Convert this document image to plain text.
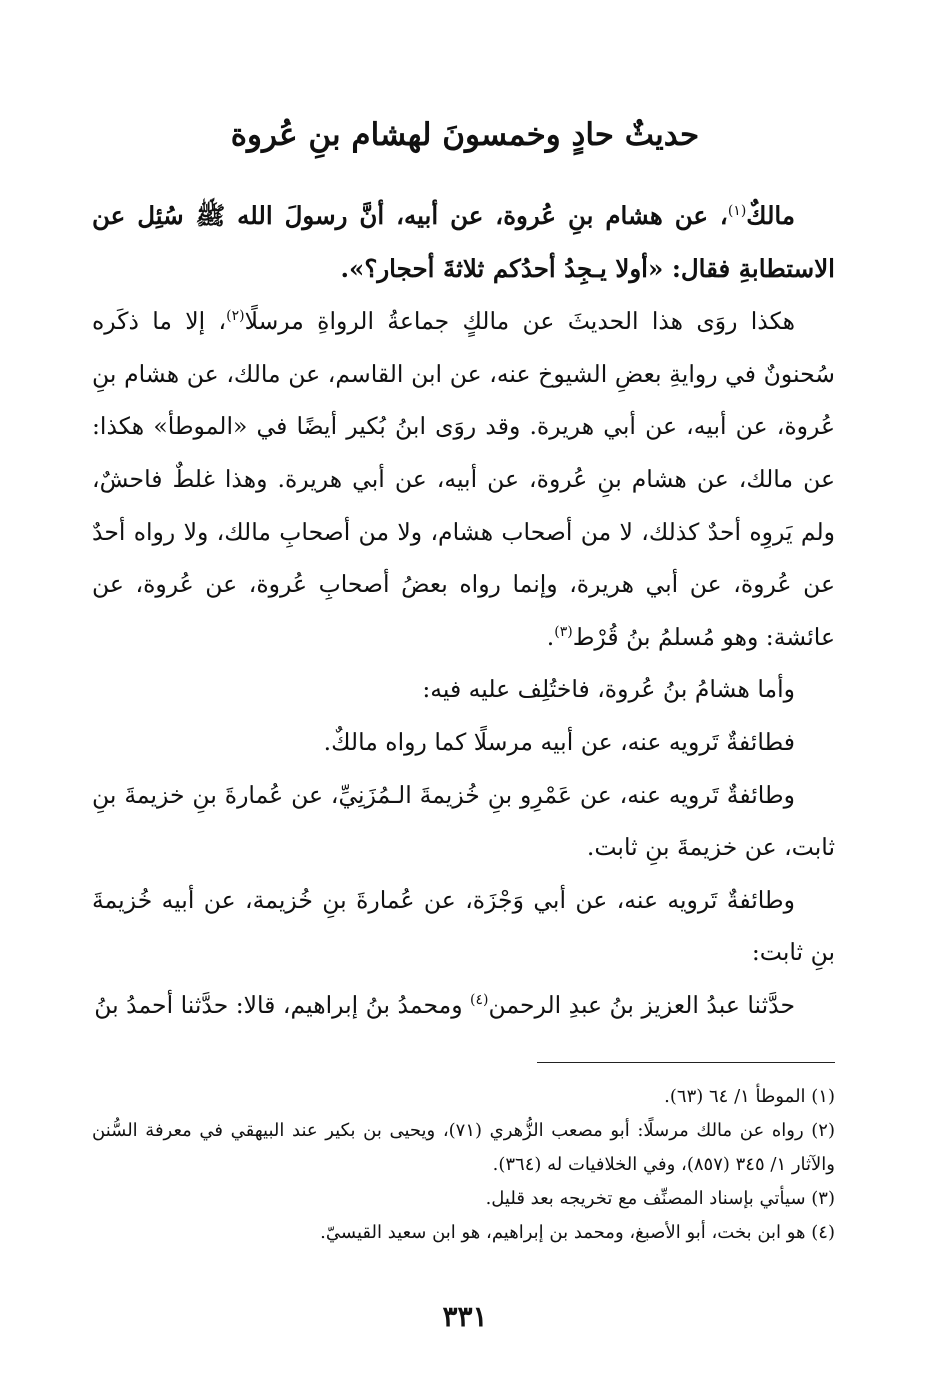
حديثٌ حادٍ وخمسونَ لهشام بنِ عُروة

مالكٌ$^{(١)}$، عن هشام بنِ عُروة، عن أبيه، أنَّ رسولَ الله ﷺ سُئِل عن الاستطابةِ فقال: «أولا يـجِدُ أحدُكم ثلاثةَ أحجار؟».

هكذا روَى هذا الحديثَ عن مالكٍ جماعةُ الرواةِ مرسلًا$^{(٢)}$، إلا ما ذكَره سُحنونٌ في روايةِ بعضِ الشيوخ عنه، عن ابن القاسم، عن مالك، عن هشام بنِ عُروة، عن أبيه، عن أبي هريرة. وقد روَى ابنُ بُكير أيضًا في «الموطأ» هكذا: عن مالك، عن هشام بنِ عُروة، عن أبيه، عن أبي هريرة. وهذا غلطٌ فاحشٌ، ولم يَروِه أحدٌ كذلك، لا من أصحاب هشام، ولا من أصحابِ مالك، ولا رواه أحدٌ عن عُروة، عن أبي هريرة، وإنما رواه بعضُ أصحابِ عُروة، عن عُروة، عن عائشة: وهو مُسلمُ بنُ قُرْط$^{(٣)}$.

وأما هشامُ بنُ عُروة، فاختُلِف عليه فيه:

فطائفةٌ تَرويه عنه، عن أبيه مرسلًا كما رواه مالكٌ.

وطائفةٌ تَرويه عنه، عن عَمْرِو بنِ خُزيمةَ الـمُزَنِيِّ، عن عُمارةَ بنِ خزيمةَ بنِ ثابت، عن خزيمةَ بنِ ثابت.

وطائفةٌ تَرويه عنه، عن أبي وَجْزَة، عن عُمارةَ بنِ خُزيمة، عن أبيه خُزيمةَ بنِ ثابت:

حدَّثنا عبدُ العزيز بنُ عبدِ الرحمن$^{(٤)}$ ومحمدُ بنُ إبراهيم، قالا: حدَّثنا أحمدُ بنُ

(١) الموطأ ١/ ٦٤ (٦٣).

(٢) رواه عن مالك مرسلًا: أبو مصعب الزُّهري (٧١)، ويحيى بن بكير عند البيهقي في معرفة السُّنن والآثار ١/ ٣٤٥ (٨٥٧)، وفي الخلافيات له (٣٦٤).

(٣) سيأتي بإسناد المصنِّف مع تخريجه بعد قليل.

(٤) هو ابن بخت، أبو الأصبغ، ومحمد بن إبراهيم، هو ابن سعيد القيسيّ.

٣٣١
